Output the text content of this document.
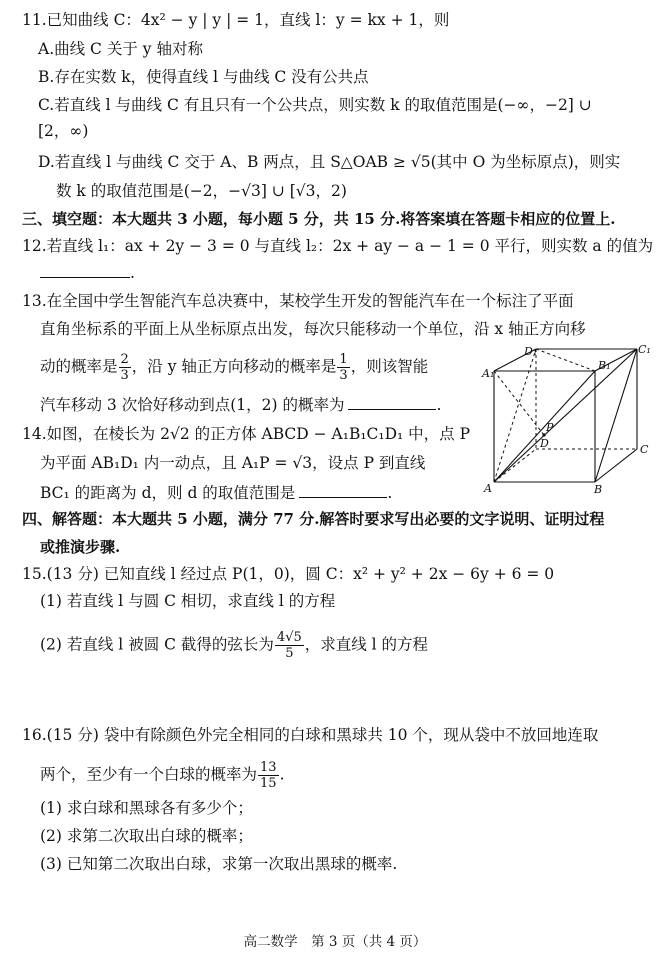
11.已知曲线 C：4x² − y | y | = 1，直线 l：y = kx + 1，则
A.曲线 C 关于 y 轴对称
B.存在实数 k，使得直线 l 与曲线 C 没有公共点
C.若直线 l 与曲线 C 有且只有一个公共点，则实数 k 的取值范围是(−∞，−2] ∪
[2，∞)
D.若直线 l 与曲线 C 交于 A、B 两点，且 S△OAB ≥ √5(其中 O 为坐标原点)，则实
数 k 的取值范围是(−2，−√3] ∪ [√3，2)
三、填空题：本大题共 3 小题，每小题 5 分，共 15 分.将答案填在答题卡相应的位置上.
12.若直线 l₁：ax + 2y − 3 = 0 与直线 l₂：2x + ay − a − 1 = 0 平行，则实数 a 的值为
.
13.在全国中学生智能汽车总决赛中，某校学生开发的智能汽车在一个标注了平面
直角坐标系的平面上从坐标原点出发，每次只能移动一个单位，沿 x 轴正方向移
动的概率是 $\frac{2}{3}$ ，沿 y 轴正方向移动的概率是 $\frac{1}{3}$ ，则该智能
汽车移动 3 次恰好移动到点(1，2) 的概率为	.
14.如图，在棱长为 2√2 的正方体 ABCD − A₁B₁C₁D₁ 中，点 P
为平面 AB₁D₁ 内一动点，且 A₁P = √3，设点 P 到直线
BC₁ 的距离为 d，则 d 的取值范围是	.	A	B
C
D
A₁
B₁
C₁
D₁
P
四、解答题：本大题共 5 小题，满分 77 分.解答时要求写出必要的文字说明、证明过程
或推演步骤.
15.(13 分) 已知直线 l 经过点 P(1，0)，圆 C：x² + y² + 2x − 6y + 6 = 0
(1) 若直线 l 与圆 C 相切，求直线 l 的方程
(2) 若直线 l 被圆 C 截得的弦长为 $\frac{4√5}{5}$ ，求直线 l 的方程
16.(15 分) 袋中有除颜色外完全相同的白球和黑球共 10 个，现从袋中不放回地连取
两个，至少有一个白球的概率为 $\frac{13}{15}$ .
(1) 求白球和黑球各有多少个；
(2) 求第二次取出白球的概率；
(3) 已知第二次取出白球，求第一次取出黑球的概率.
高二数学　第 3 页（共 4 页）
